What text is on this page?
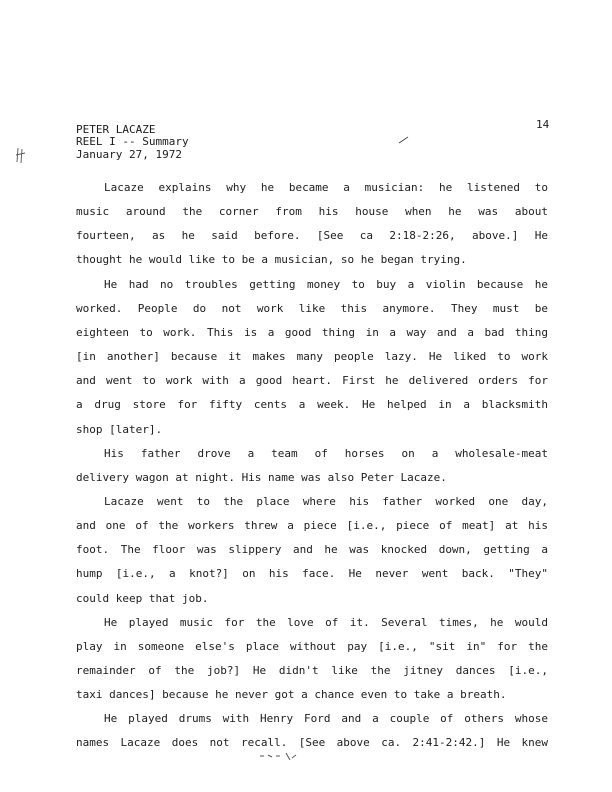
PETER LACAZE
REEL I -- Summary
January 27, 1972
14
Lacaze explains why he became a musician: he listened to
music around the corner from his house when he was about
fourteen, as he said before. [See ca 2:18-2:26, above.] He
thought he would like to be a musician, so he began trying.
He had no troubles getting money to buy a violin because he
worked. People do not work like this anymore. They must be
eighteen to work. This is a good thing in a way and a bad thing
[in another] because it makes many people lazy. He liked to work
and went to work with a good heart. First he delivered orders for
a drug store for fifty cents a week. He helped in a blacksmith
shop [later].
His father drove a team of horses on a wholesale-meat
delivery wagon at night. His name was also Peter Lacaze.
Lacaze went to the place where his father worked one day,
and one of the workers threw a piece [i.e., piece of meat] at his
foot. The floor was slippery and he was knocked down, getting a
hump [i.e., a knot?] on his face. He never went back. "They"
could keep that job.
He played music for the love of it. Several times, he would
play in someone else's place without pay [i.e., "sit in" for the
remainder of the job?] He didn't like the jitney dances [i.e.,
taxi dances] because he never got a chance even to take a breath.
He played drums with Henry Ford and a couple of others whose
names Lacaze does not recall. [See above ca. 2:41-2:42.] He knew
